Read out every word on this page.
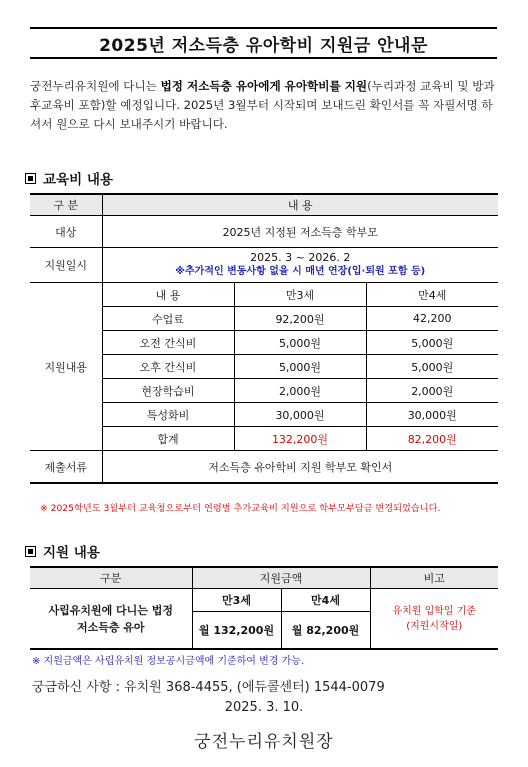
2025년 저소득층 유아학비 지원금 안내문
궁전누리유치원에 다니는 법정 저소득층 유아에게 유아학비를 지원(누리과정 교육비 및 방과후교육비 포함)할 예정입니다. 2025년 3월부터 시작되며 보내드린 확인서를 꼭 자필서명 하셔서 원으로 다시 보내주시기 바랍니다.
교육비 내용
구 분	내 용		
대상	2025년 지정된 저소득층 학부모		
지원일시	2025. 3 ~ 2026. 2
※추가적인 변동사항 없을 시 매년 연장(입·퇴원 포함 등)		

지원내용	내 용	만3세	만4세
	수업료	92,200원	42,200
	오전 간식비	5,000원	5,000원
	오후 간식비	5,000원	5,000원
	현장학습비	2,000원	2,000원
	특성화비	30,000원	30,000원
	합계	132,200원	82,200원
제출서류	저소득층 유아학비 지원 학부모 확인서		
※ 2025학년도 3월부터 교육청으로부터 연령별 추가교육비 지원으로 학부모부담금 변경되었습니다.
지원 내용
구분	지원금액		비고
사립유치원에 다니는 법정 저소득층 유아	만3세	만4세	유치원 입학일 기준 (지원시작일)
	월 132,200원	월 82,200원	
※ 지원금액은 사립유치원 정보공시금액에 기준하여 변경 가능.
궁금하신 사항 : 유치원 368-4455, (에듀콜센터) 1544-0079
2025. 3. 10.
궁전누리유치원장
